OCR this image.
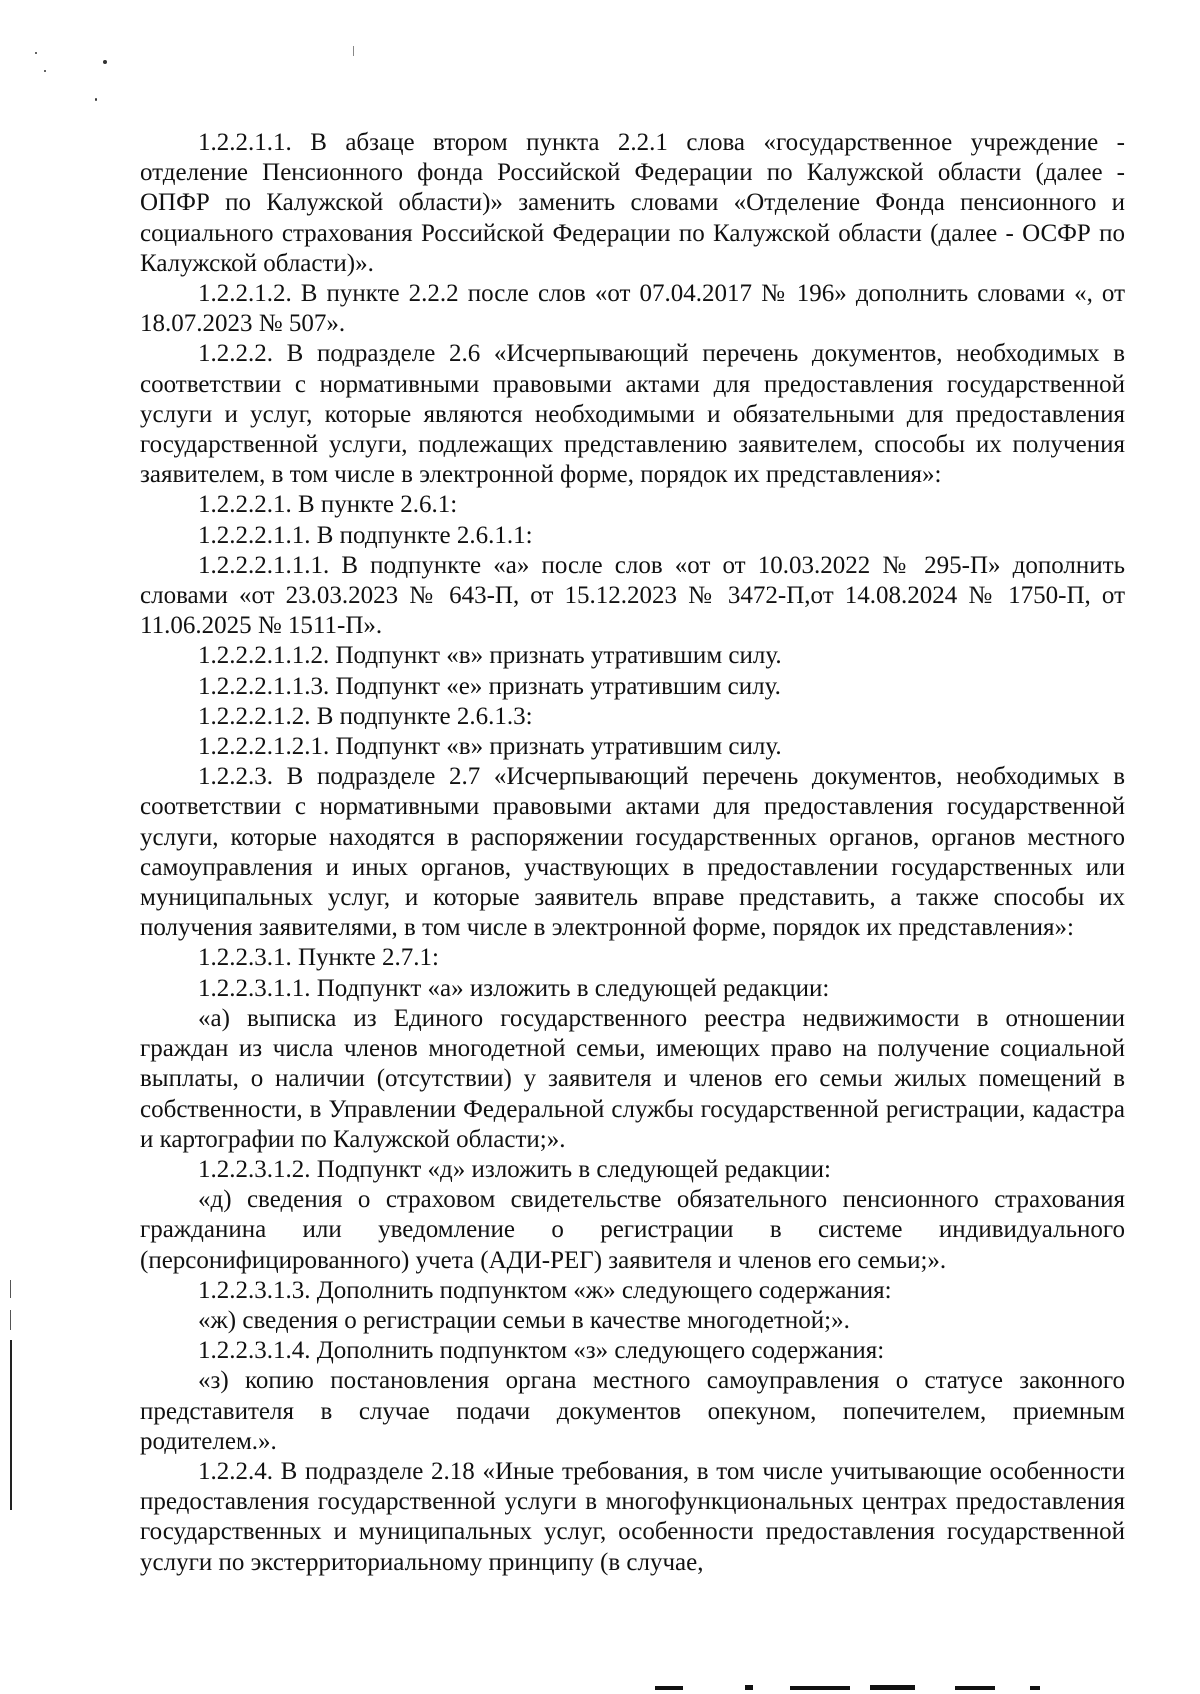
1.2.2.1.1. В абзаце втором пункта 2.2.1 слова «государственное учреждение - отделение Пенсионного фонда Российской Федерации по Калужской области (далее - ОПФР по Калужской области)» заменить словами «Отделение Фонда пенсионного и социального страхования Российской Федерации по Калужской области (далее - ОСФР по Калужской области)».

1.2.2.1.2. В пункте 2.2.2 после слов «от 07.04.2017 № 196» дополнить словами «, от 18.07.2023 № 507».

1.2.2.2. В подразделе 2.6 «Исчерпывающий перечень документов, необходимых в соответствии с нормативными правовыми актами для предоставления государственной услуги и услуг, которые являются необходимыми и обязательными для предоставления государственной услуги, подлежащих представлению заявителем, способы их получения заявителем, в том числе в электронной форме, порядок их представления»:

1.2.2.2.1. В пункте 2.6.1:

1.2.2.2.1.1. В подпункте 2.6.1.1:

1.2.2.2.1.1.1. В подпункте «а» после слов «от от 10.03.2022 № 295-П» дополнить словами «от 23.03.2023 № 643-П, от 15.12.2023 № 3472-П,от 14.08.2024 № 1750-П, от 11.06.2025 № 1511-П».

1.2.2.2.1.1.2. Подпункт «в» признать утратившим силу.

1.2.2.2.1.1.3. Подпункт «е» признать утратившим силу.

1.2.2.2.1.2. В подпункте 2.6.1.3:

1.2.2.2.1.2.1. Подпункт «в» признать утратившим силу.

1.2.2.3. В подразделе 2.7 «Исчерпывающий перечень документов, необходимых в соответствии с нормативными правовыми актами для предоставления государственной услуги, которые находятся в распоряжении государственных органов, органов местного самоуправления и иных органов, участвующих в предоставлении государственных или муниципальных услуг, и которые заявитель вправе представить, а также способы их получения заявителями, в том числе в электронной форме, порядок их представления»:

1.2.2.3.1. Пункте 2.7.1:

1.2.2.3.1.1. Подпункт «а» изложить в следующей редакции:

«а) выписка из Единого государственного реестра недвижимости в отношении граждан из числа членов многодетной семьи, имеющих право на получение социальной выплаты, о наличии (отсутствии) у заявителя и членов его семьи жилых помещений в собственности, в Управлении Федеральной службы государственной регистрации, кадастра и картографии по Калужской области;».

1.2.2.3.1.2. Подпункт «д» изложить в следующей редакции:

«д) сведения о страховом свидетельстве обязательного пенсионного страхования гражданина или уведомление о регистрации в системе индивидуального (персонифицированного) учета (АДИ-РЕГ) заявителя и членов его семьи;».

1.2.2.3.1.3. Дополнить подпунктом «ж» следующего содержания:

«ж) сведения о регистрации семьи в качестве многодетной;».

1.2.2.3.1.4. Дополнить подпунктом «з» следующего содержания:

«з) копию постановления органа местного самоуправления о статусе законного представителя в случае подачи документов опекуном, попечителем, приемным родителем.».

1.2.2.4. В подразделе 2.18 «Иные требования, в том числе учитывающие особенности предоставления государственной услуги в многофункциональных центрах предоставления государственных и муниципальных услуг, особенности предоставления государственной услуги по экстерриториальному принципу (в случае,
